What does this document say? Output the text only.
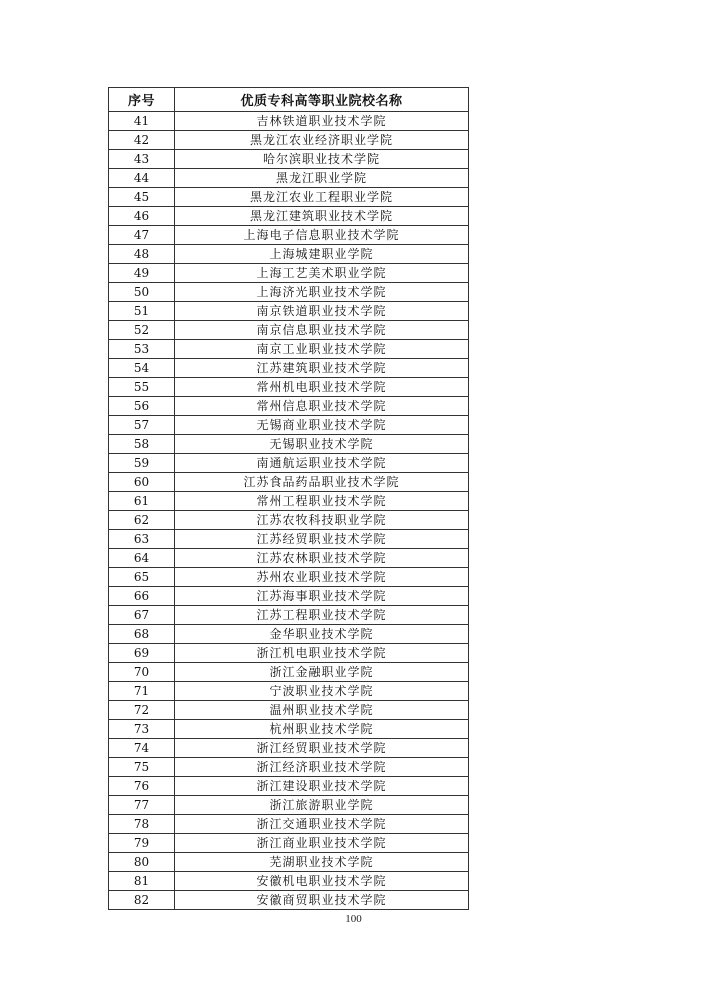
序号	优质专科高等职业院校名称
41	吉林铁道职业技术学院
42	黑龙江农业经济职业学院
43	哈尔滨职业技术学院
44	黑龙江职业学院
45	黑龙江农业工程职业学院
46	黑龙江建筑职业技术学院
47	上海电子信息职业技术学院
48	上海城建职业学院
49	上海工艺美术职业学院
50	上海济光职业技术学院
51	南京铁道职业技术学院
52	南京信息职业技术学院
53	南京工业职业技术学院
54	江苏建筑职业技术学院
55	常州机电职业技术学院
56	常州信息职业技术学院
57	无锡商业职业技术学院
58	无锡职业技术学院
59	南通航运职业技术学院
60	江苏食品药品职业技术学院
61	常州工程职业技术学院
62	江苏农牧科技职业学院
63	江苏经贸职业技术学院
64	江苏农林职业技术学院
65	苏州农业职业技术学院
66	江苏海事职业技术学院
67	江苏工程职业技术学院
68	金华职业技术学院
69	浙江机电职业技术学院
70	浙江金融职业学院
71	宁波职业技术学院
72	温州职业技术学院
73	杭州职业技术学院
74	浙江经贸职业技术学院
75	浙江经济职业技术学院
76	浙江建设职业技术学院
77	浙江旅游职业学院
78	浙江交通职业技术学院
79	浙江商业职业技术学院
80	芜湖职业技术学院
81	安徽机电职业技术学院
82	安徽商贸职业技术学院
100
